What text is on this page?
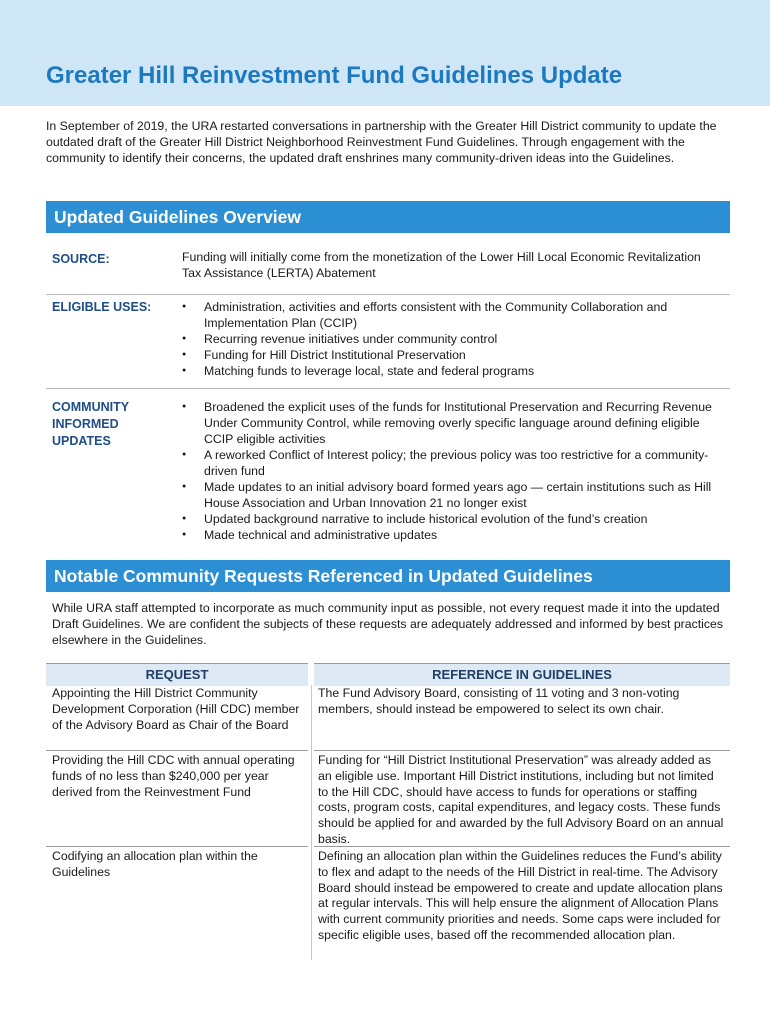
Greater Hill Reinvestment Fund Guidelines Update

In September of 2019, the URA restarted conversations in partnership with the Greater Hill District community to update the outdated draft of the Greater Hill District Neighborhood Reinvestment Fund Guidelines. Through engagement with the community to identify their concerns, the updated draft enshrines many community-driven ideas into the Guidelines.

Updated Guidelines Overview
SOURCE:	Funding will initially come from the monetization of the Lower Hill Local Economic Revitalization Tax Assistance (LERTA) Abatement
ELIGIBLE USES:
●	Administration, activities and efforts consistent with the Community Collaboration and Implementation Plan (CCIP)
● Recurring revenue initiatives under community control
● Funding for Hill District Institutional Preservation
● Matching funds to leverage local, state and federal programs
COMMUNITY INFORMED UPDATES
● Broadened the explicit uses of the funds for Institutional Preservation and Recurring Revenue Under Community Control, while removing overly specific language around defining eligible CCIP eligible activities
● A reworked Conflict of Interest policy; the previous policy was too restrictive for a community-driven fund
● Made updates to an initial advisory board formed years ago — certain institutions such as Hill House Association and Urban Innovation 21 no longer exist
● Updated background narrative to include historical evolution of the fund’s creation
● Made technical and administrative updates
Notable Community Requests Referenced in Updated Guidelines

While URA staff attempted to incorporate as much community input as possible, not every request made it into the updated Draft Guidelines. We are confident the subjects of these requests are adequately addressed and informed by best practices elsewhere in the Guidelines.

REQUEST	REFERENCE IN GUIDELINES
Appointing the Hill District Community Development Corporation (Hill CDC) member of the Advisory Board as Chair of the Board
The Fund Advisory Board, consisting of 11 voting and 3 non-voting members, should instead be empowered to select its own chair.
Providing the Hill CDC with annual operating funds of no less than $240,000 per year derived from the Reinvestment Fund
Funding for “Hill District Institutional Preservation” was already added as an eligible use. Important Hill District institutions, including but not limited to the Hill CDC, should have access to funds for operations or staffing costs, program costs, capital expenditures, and legacy costs. These funds should be applied for and awarded by the full Advisory Board on an annual basis.
Codifying an allocation plan within the Guidelines
Defining an allocation plan within the Guidelines reduces the Fund’s ability to flex and adapt to the needs of the Hill District in real-time. The Advisory Board should instead be empowered to create and update allocation plans at regular intervals. This will help ensure the alignment of Allocation Plans with current community priorities and needs. Some caps were included for specific eligible uses, based off the recommended allocation plan.
